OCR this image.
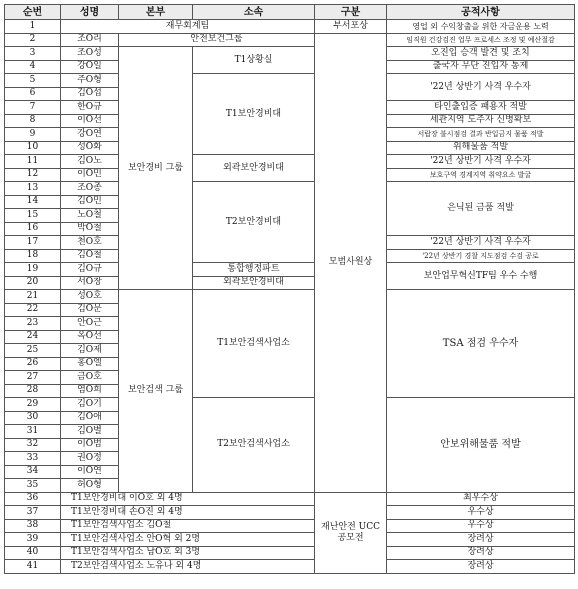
순번	성명	본부	소속	구분	공적사항
1	재무회계팀			부서포상	영업 외 수익창출을 위한 자금운용 노력
2	조O리	안전보건그룹		모범사원상	임직원 건강검진 업무 프로세스 조정 및 예산절감
3	조O성	보안경비 그룹	T1상황실		오진입 승객 발견 및 조치
4	강O일				출국자 무단 진입자 통제
5	주O형		T1보안경비대		'22년 상반기 사격 우수자
6	김O섭				
7	한O규				타인출입증 패용자 적발
8	이O선				세관지역 도주자 신병확보
9	강O연				서랍장 불시점검 결과 반입금지 물품 적발
10	성O화				위해물품 적발
11	김O노		외곽보안경비대		'22년 상반기 사격 우수자
12	이O민				보호구역 경계지역 취약요소 발굴
13	조O종		T2보안경비대		은닉된 금품 적발
14	김O민				
15	노O철				
16	박O철				
17	천O호				'22년 상반기 사격 우수자
18	김O철				'22년 상반기 경찰 지도점검 수검 공로
19	김O규		통합행정파트		보안업무혁신TF팀 우수 수행
20	서O창		외곽보안경비대		
21	성O호	보안검색 그룹	T1보안검색사업소		TSA 점검 우수자
22	김O문				
23	안O근				
24	옥O선				
25	김O제				
26	홍O엘				
27	금O호				
28	염O희				
29	김O기		T2보안검색사업소		안보위해물품 적발
30	김O애				
31	김O별				
32	이O범				
33	권O정				
34	이O연				
35	허O형				
36	T1보안경비대 이O호 외 4명			재난안전 UCC 공모전	최우수상
37	T1보안경비대 손O진 외 4명				우수상
38	T1보안검색사업소 김O철				우수상
39	T1보안검색사업소 안O혁 외 2명				장려상
40	T1보안검색사업소 남O호 외 3명				장려상
41	T2보안검색사업소 노유나 외 4명				장려상
